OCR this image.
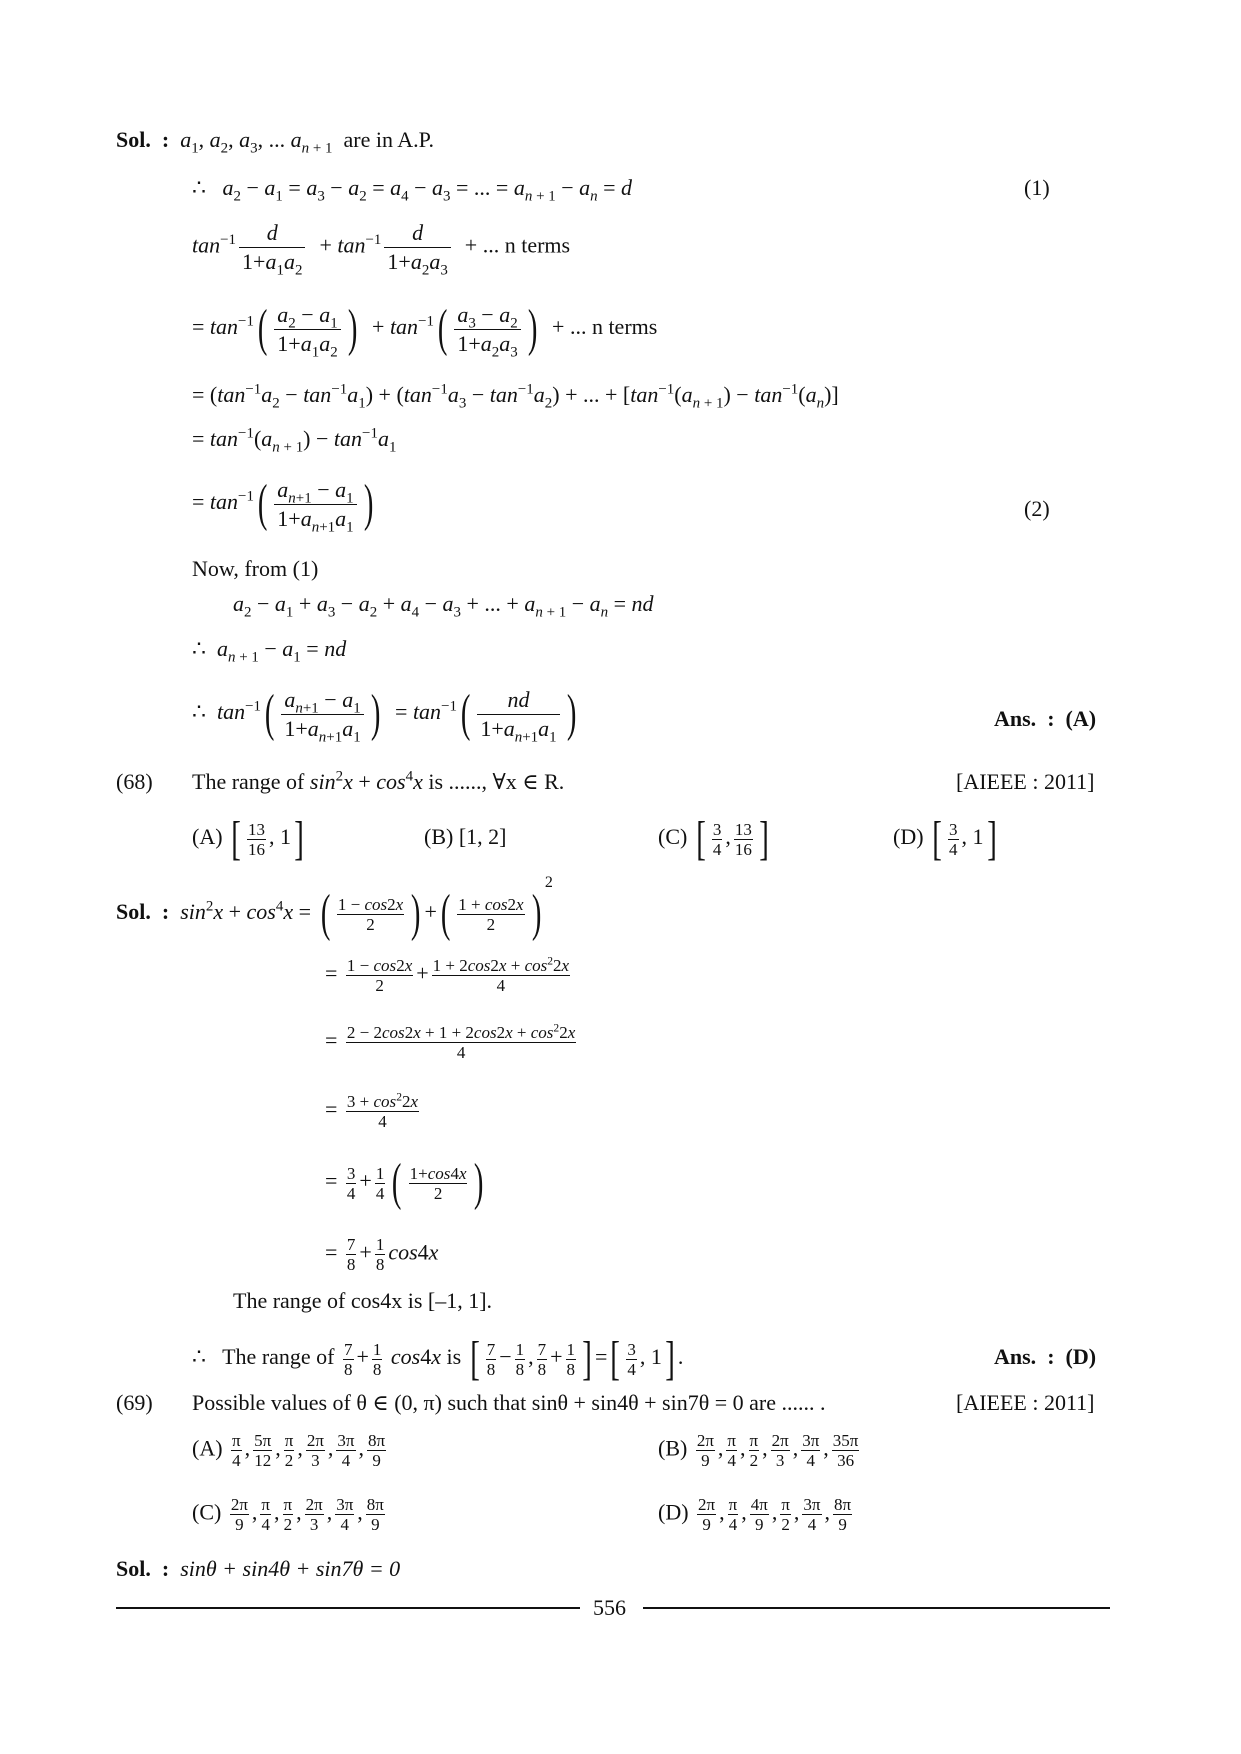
Sol. : $a_1$, $a_2$, $a_3$, ... $a_{n + 1}$ are in A.P.
∴ $a_2 - a_1 = a_3 - a_2 = a_4 - a_3$ = ... = $a_{n + 1} - a_n = d$	(1)
$\tan^{-1} \frac{d}{1+a_1a_2} + \tan^{-1} \frac{d}{1+a_2a_3}$ + ... n terms
= $\tan^{-1}( \frac{a_2 - a_1}{1+a_1a_2}$ )  + $\tan^{-1}( \frac{a_3 - a_2}{1+a_2a_3}$ ) + ... n terms
= $(\tan^{-1}a_2 - \tan^{-1}a_1) + (\tan^{-1}a_3 - \tan^{-1}a_2)$ + ... + $[\tan^{-1}(a_{n + 1}) - \tan^{-1}(a_n)]$
= $\tan^{-1}(a_{n + 1}) - \tan^{-1}a_1$
= $\tan^{-1}( \frac{a_{n+1} - a_1}{1+a_{n+1}a_1}$ )	(2)
Now, from (1)
$a_2 - a_1 + a_3 - a_2 + a_4 - a_3$ + ... + $a_{n + 1} - a_n$ = nd
∴ $a_{n + 1} - a_1$ = nd
∴ $\tan^{-1}( \frac{a_{n+1} - a_1}{1+a_{n+1}a_1}$ )  = $\tan^{-1}( \frac{nd}{1+a_{n+1}a_1}$ )	Ans.  :  (A)
(68) The range of $\sin^2x + \cos^4x$ is ......, ∀x ∈ R.	[AIEEE : 2011]
(A) [ $\frac{13}{16}$ , 1]	(B) [1, 2]	(C) [ $\frac{3}{4}$ , $\frac{13}{16}$ ]	(D) [ $\frac{3}{4}$ , 1]
Sol. : $\sin^2x + \cos^4x$ = ( $\frac{1 - \cos 2x}{2}$ ) +( $\frac{1 + \cos 2x}{2} )^2$
= $\frac{1 - \cos 2x}{2} + \frac{1 + 2\cos 2x + \cos^22x}{4}$
= $\frac{2 - 2\cos 2x + 1 + 2\cos 2x + \cos^22x}{4}$
= $\frac{3 + \cos^22x}{4}$
= $\frac{3}{4} + \frac{1}{4}$ ( $\frac{1+\cos 4x}{2}$ )
= $\frac{7}{8} + \frac{1}{8} \cos 4x$
The range of cos4x is [–1, 1].
∴ The range of $\frac{7}{8} + \frac{1}{8} \cos 4x$ is [ $\frac{7}{8} - \frac{1}{8}$ , $\frac{7}{8} + \frac{1}{8}$ ] =[ $\frac{3}{4}$ , 1] .	Ans.  :  (D)
(69) Possible values of θ ∈ (0, π) such that sinθ + sin4θ + sin7θ = 0 are ...... .	[AIEEE : 2011]
$(A) \frac{\pi}{4}$ , $\frac{5\pi}{12}$ , $\frac{\pi}{2}$ , $\frac{2\pi}{3}$ , $\frac{3\pi}{4}$ , $\frac{8\pi}{9}$	$(B) \frac{2\pi}{9}$ , $\frac{\pi}{4}$ , $\frac{\pi}{2}$ , $\frac{2\pi}{3}$ , $\frac{3\pi}{4}$ , $\frac{35\pi}{36}$
$(C) \frac{2\pi}{9}$ , $\frac{\pi}{4}$ , $\frac{\pi}{2}$ , $\frac{2\pi}{3}$ , $\frac{3\pi}{4}$ , $\frac{8\pi}{9}$	$(D) \frac{2\pi}{9}$ , $\frac{\pi}{4}$ , $\frac{4\pi}{9}$ , $\frac{\pi}{2}$ , $\frac{3\pi}{4}$ , $\frac{8\pi}{9}$
Sol. : sinθ + sin4θ + sin7θ = 0
556
